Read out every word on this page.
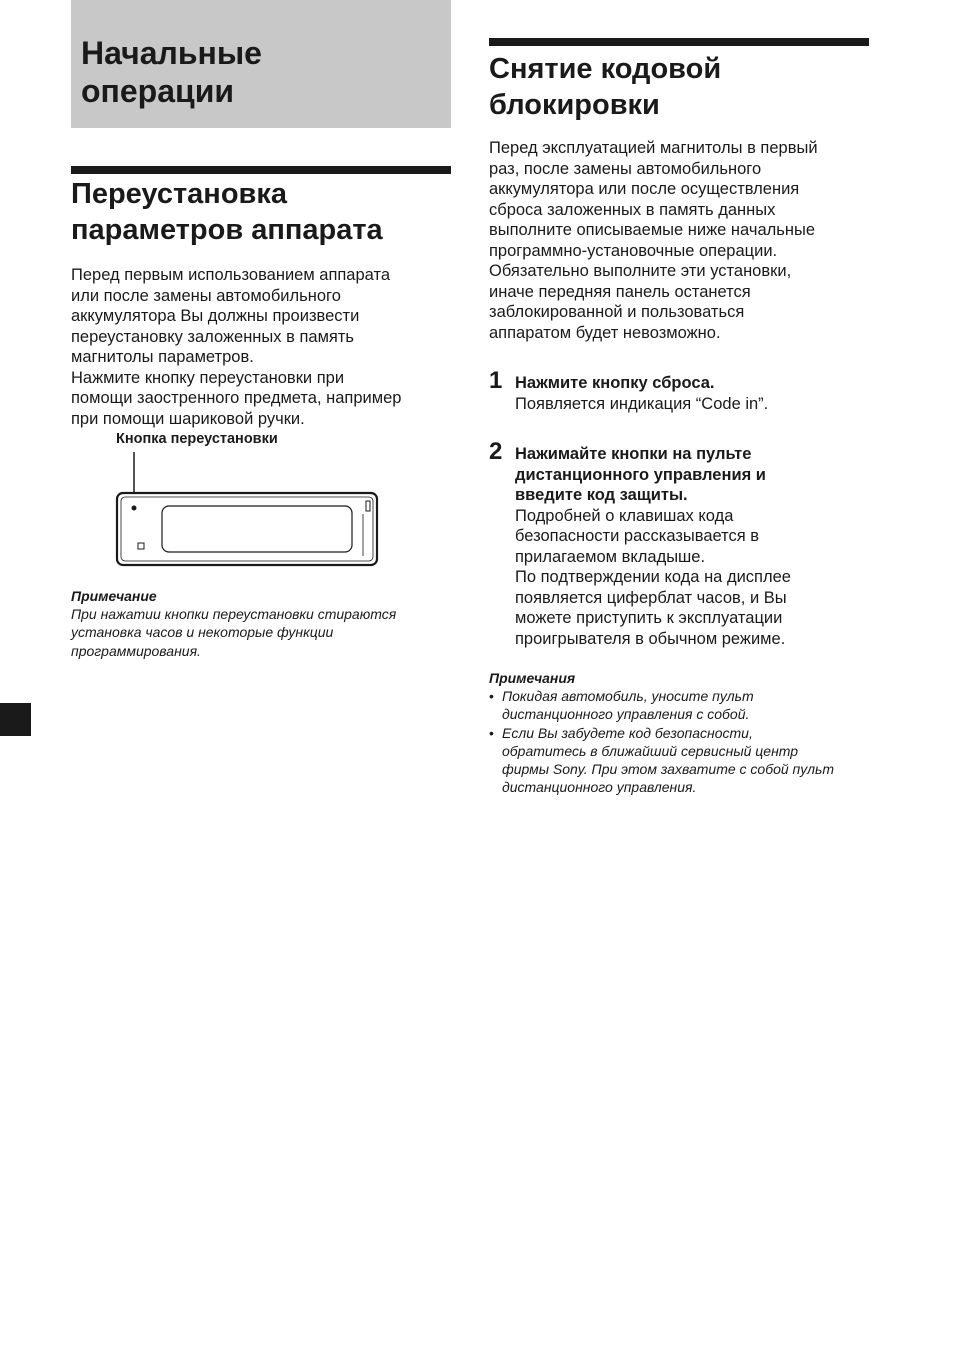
Начальные
операции
Переустановка
параметров аппарата

Перед первым использованием аппарата
или после замены автомобильного
аккумулятора Вы должны произвести
переустановку заложенных в память
магнитолы параметров.
Нажмите кнопку переустановки при
помощи заостренного предмета, например
при помощи шариковой ручки.

Кнопка переустановки
Примечание

При нажатии кнопки переустановки стираются
установка часов и некоторые функции
программирования.

Снятие кодовой
блокировки

Перед эксплуатацией магнитолы в первый
раз, после замены автомобильного
аккумулятора или после осуществления
сброса заложенных в память данных
выполните описываемые ниже начальные
программно-установочные операции.
Обязательно выполните эти установки,
иначе передняя панель останется
заблокированной и пользоваться
аппаратом будет невозможно.

1 Нажмите кнопку сброса.
Появляется индикация “Code in”.
2 Нажимайте кнопки на пульте
дистанционного управления и
введите код защиты.
Подробней о клавишах кода
безопасности рассказывается в
прилагаемом вкладыше.
По подтверждении кода на дисплее
появляется циферблат часов, и Вы
можете приступить к эксплуатации
проигрывателя в обычном режиме.
Примечания
• Покидая автомобиль, уносите пульт
дистанционного управления с собой.
• Если Вы забудете код безопасности,
обратитесь в ближайший сервисный центр
фирмы Sony. При этом захватите с собой пульт
дистанционного управления.
